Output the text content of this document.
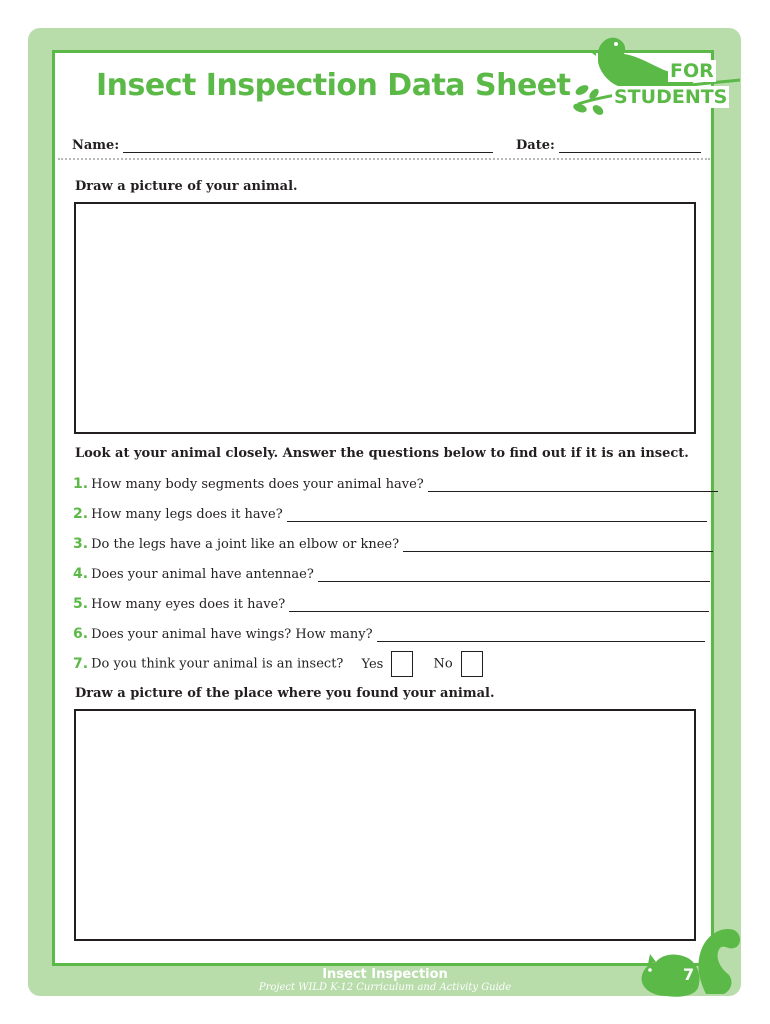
Insect Inspection Data Sheet	FOR
STUDENTS
Name:	Date:
Draw a picture of your animal.
Look at your animal closely. Answer the questions below to find out if it is an insect.
1. How many body segments does your animal have?
2. How many legs does it have?
3. Do the legs have a joint like an elbow or knee?
4. Does your animal have antennae?
5. How many eyes does it have?
6. Does your animal have wings? How many?
7. Do you think your animal is an insect? Yes	No
Draw a picture of the place where you found your animal.
7
Insect Inspection
Project WILD K-12 Curriculum and Activity Guide
